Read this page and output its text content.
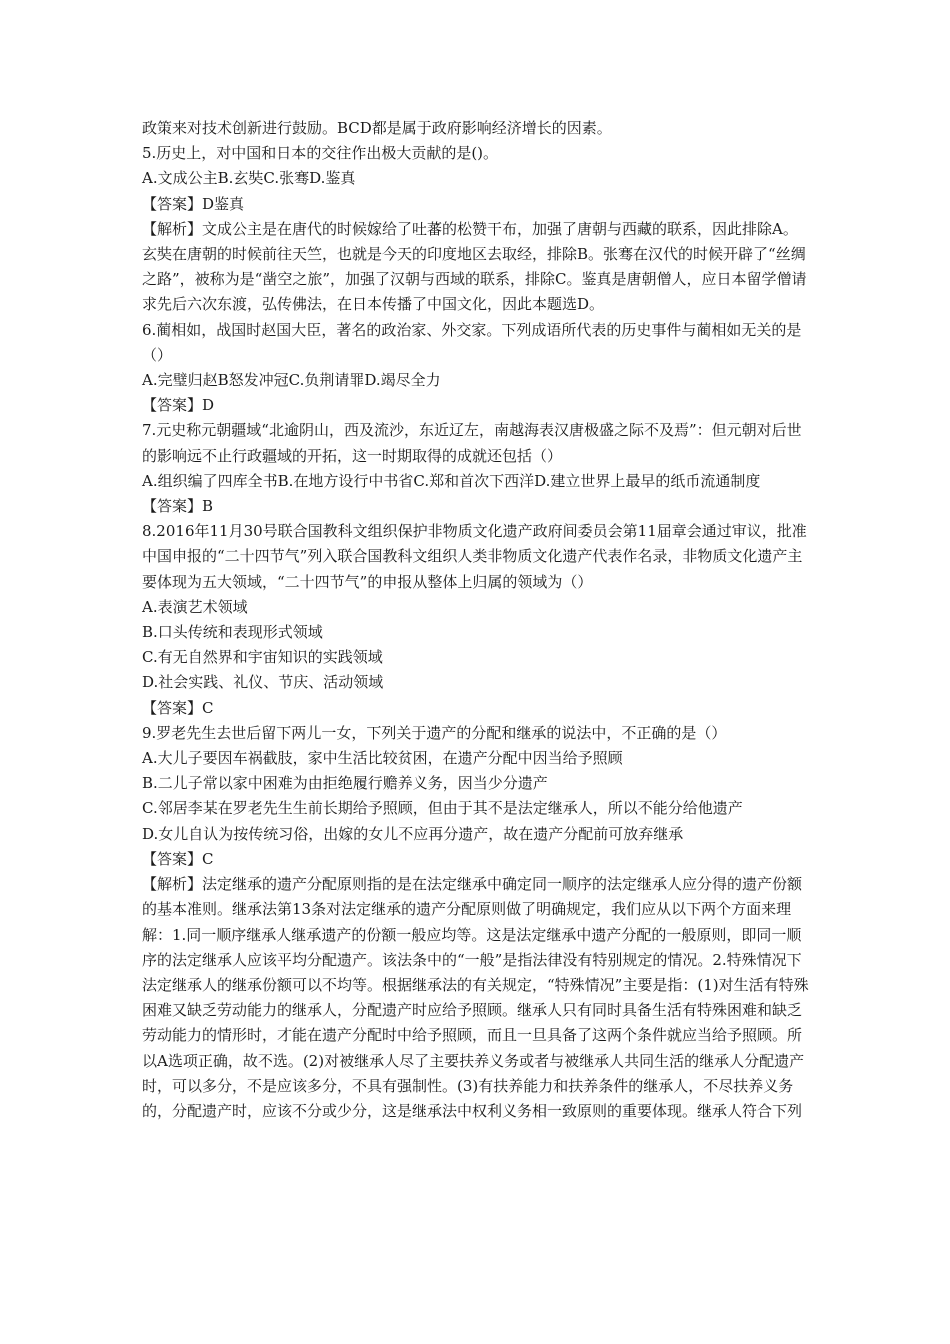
政策来对技术创新进行鼓励。BCD都是属于政府影响经济增长的因素。

5.历史上，对中国和日本的交往作出极大贡献的是()。

A.文成公主B.玄奘C.张骞D.鉴真

【答案】D鉴真

【解析】文成公主是在唐代的时候嫁给了吐蕃的松赞干布，加强了唐朝与西藏的联系，因此排除A。玄奘在唐朝的时候前往天竺，也就是今天的印度地区去取经，排除B。张骞在汉代的时候开辟了“丝绸之路”，被称为是“凿空之旅”，加强了汉朝与西域的联系，排除C。鉴真是唐朝僧人，应日本留学僧请求先后六次东渡，弘传佛法，在日本传播了中国文化，因此本题选D。

6.蔺相如，战国时赵国大臣，著名的政治家、外交家。下列成语所代表的历史事件与蔺相如无关的是（）

A.完璧归赵B怒发冲冠C.负荆请罪D.竭尽全力

【答案】D

7.元史称元朝疆域“北逾阴山，西及流沙，东近辽左，南越海表汉唐极盛之际不及焉”：但元朝对后世的影响远不止行政疆域的开拓，这一时期取得的成就还包括（）

A.组织编了四库全书B.在地方设行中书省C.郑和首次下西洋D.建立世界上最早的纸币流通制度

【答案】B

8.2016年11月30号联合国教科文组织保护非物质文化遗产政府间委员会第11届章会通过审议，批准中国申报的“二十四节气”列入联合国教科文组织人类非物质文化遗产代表作名录，非物质文化遗产主要体现为五大领域，“二十四节气”的申报从整体上归属的领域为（）

A.表演艺术领域

B.口头传统和表现形式领域

C.有无自然界和宇宙知识的实践领域

D.社会实践、礼仪、节庆、活动领域

【答案】C

9.罗老先生去世后留下两儿一女，下列关于遗产的分配和继承的说法中，不正确的是（）

A.大儿子要因车祸截肢，家中生活比较贫困，在遗产分配中因当给予照顾

B.二儿子常以家中困难为由拒绝履行赡养义务，因当少分遗产

C.邻居李某在罗老先生生前长期给予照顾，但由于其不是法定继承人，所以不能分给他遗产

D.女儿自认为按传统习俗，出嫁的女儿不应再分遗产，故在遗产分配前可放弃继承

【答案】C

【解析】法定继承的遗产分配原则指的是在法定继承中确定同一顺序的法定继承人应分得的遗产份额的基本准则。继承法第13条对法定继承的遗产分配原则做了明确规定，我们应从以下两个方面来理解：1.同一顺序继承人继承遗产的份额一般应均等。这是法定继承中遗产分配的一般原则，即同一顺序的法定继承人应该平均分配遗产。该法条中的“一般”是指法律没有特别规定的情况。2.特殊情况下法定继承人的继承份额可以不均等。根据继承法的有关规定，“特殊情况”主要是指：(1)对生活有特殊困难又缺乏劳动能力的继承人，分配遗产时应给予照顾。继承人只有同时具备生活有特殊困难和缺乏劳动能力的情形时，才能在遗产分配时中给予照顾，而且一旦具备了这两个条件就应当给予照顾。所以A选项正确，故不选。(2)对被继承人尽了主要扶养义务或者与被继承人共同生活的继承人分配遗产时，可以多分，不是应该多分，不具有强制性。(3)有扶养能力和扶养条件的继承人，不尽扶养义务的，分配遗产时，应该不分或少分，这是继承法中权利义务相一致原则的重要体现。继承人符合下列
